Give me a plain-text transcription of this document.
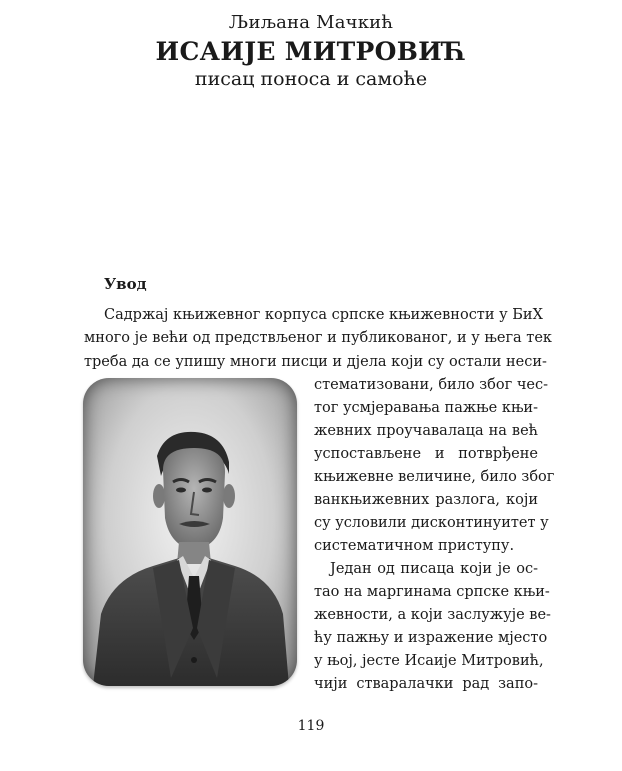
Љиљана Мачкић
ИСАИЈЕ МИТРОВИЋ
писац поноса и самоће
Увод
Садржај књижевног корпуса српске књижевности у БиХ
много је већи од предствљеног и публикованог, и у њега тек
треба да се упишу многи писци и дјела који су остали неси-
стематизовани, било због чес-
тог усмјеравања пажње књи-
жевних проучавалаца на већ
успостављене и потврђене
књижевне величине, било због
ванкњижевних разлога, који
су условили дисконтинуитет у
систематичном приступу.
Један од писаца који је ос-
тао на маргинама српске књи-
жевности, а који заслужује ве-
ћу пажњу и изражение мјесто
у њој, јесте Исаије Митровић,
чији стваралачки рад запо-
119
